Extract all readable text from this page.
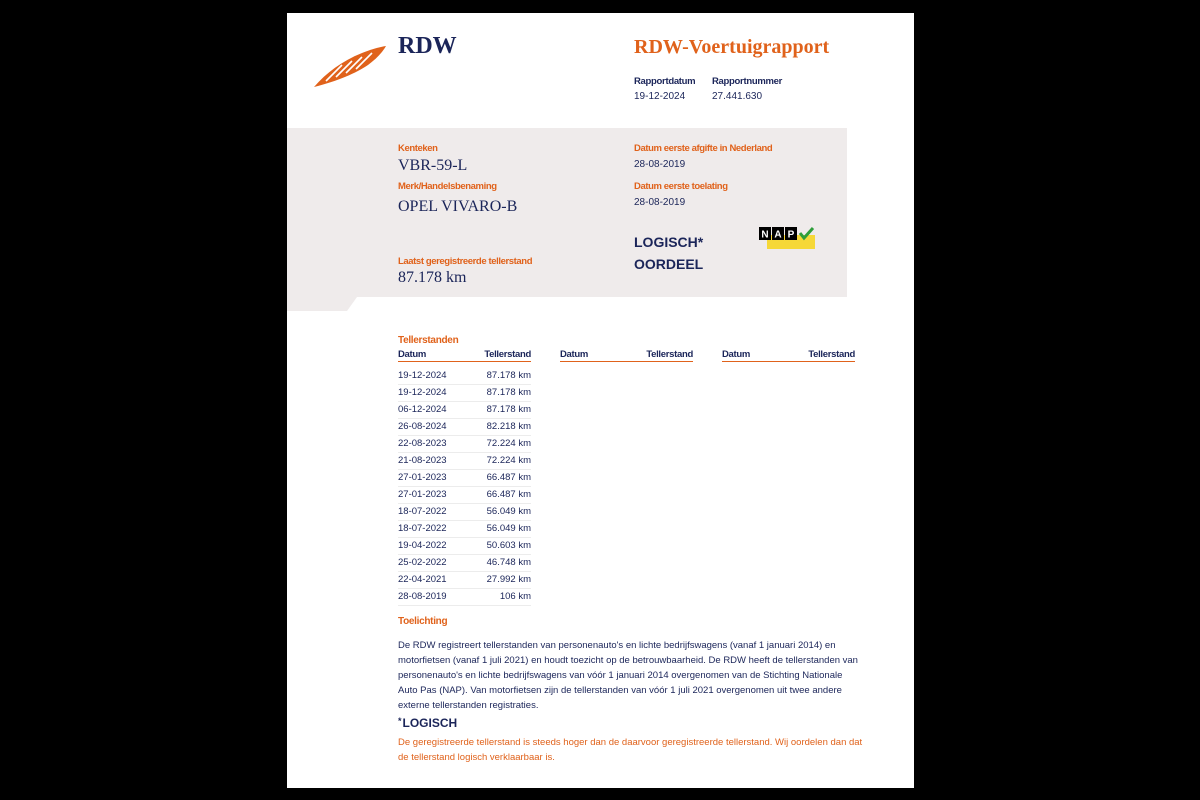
RDW	RDW-Voertuigrapport
Rapportdatum
19-12-2024
Rapportnummer
27.441.630
Kenteken
VBR-59-L
Merk/Handelsbenaming
OPEL VIVARO-B
Laatst geregistreerde tellerstand
87.178 km
Datum eerste afgifte in Nederland
28-08-2019
Datum eerste toelating
28-08-2019
LOGISCH*
OORDEEL
N A P
Tellerstanden
Datum	Tellerstand
19-12-2024	87.178 km
19-12-2024	87.178 km
06-12-2024	87.178 km
26-08-2024	82.218 km
22-08-2023	72.224 km
21-08-2023	72.224 km
27-01-2023	66.487 km
27-01-2023	66.487 km
18-07-2022	56.049 km
18-07-2022	56.049 km
19-04-2022	50.603 km
25-02-2022	46.748 km
22-04-2021	27.992 km
28-08-2019	106 km
Datum	Tellerstand	Datum	Tellerstand
Toelichting

De RDW registreert tellerstanden van personenauto's en lichte bedrijfswagens (vanaf 1 januari 2014) en motorfietsen (vanaf 1 juli 2021) en houdt toezicht op de betrouwbaarheid. De RDW heeft de tellerstanden van personenauto's en lichte bedrijfswagens van vóór 1 januari 2014 overgenomen van de Stichting Nationale Auto Pas (NAP). Van motorfietsen zijn de tellerstanden van vóór 1 juli 2021 overgenomen uit twee andere externe tellerstanden registraties.

*LOGISCH

De geregistreerde tellerstand is steeds hoger dan de daarvoor geregistreerde tellerstand. Wij oordelen dan dat de tellerstand logisch verklaarbaar is.
